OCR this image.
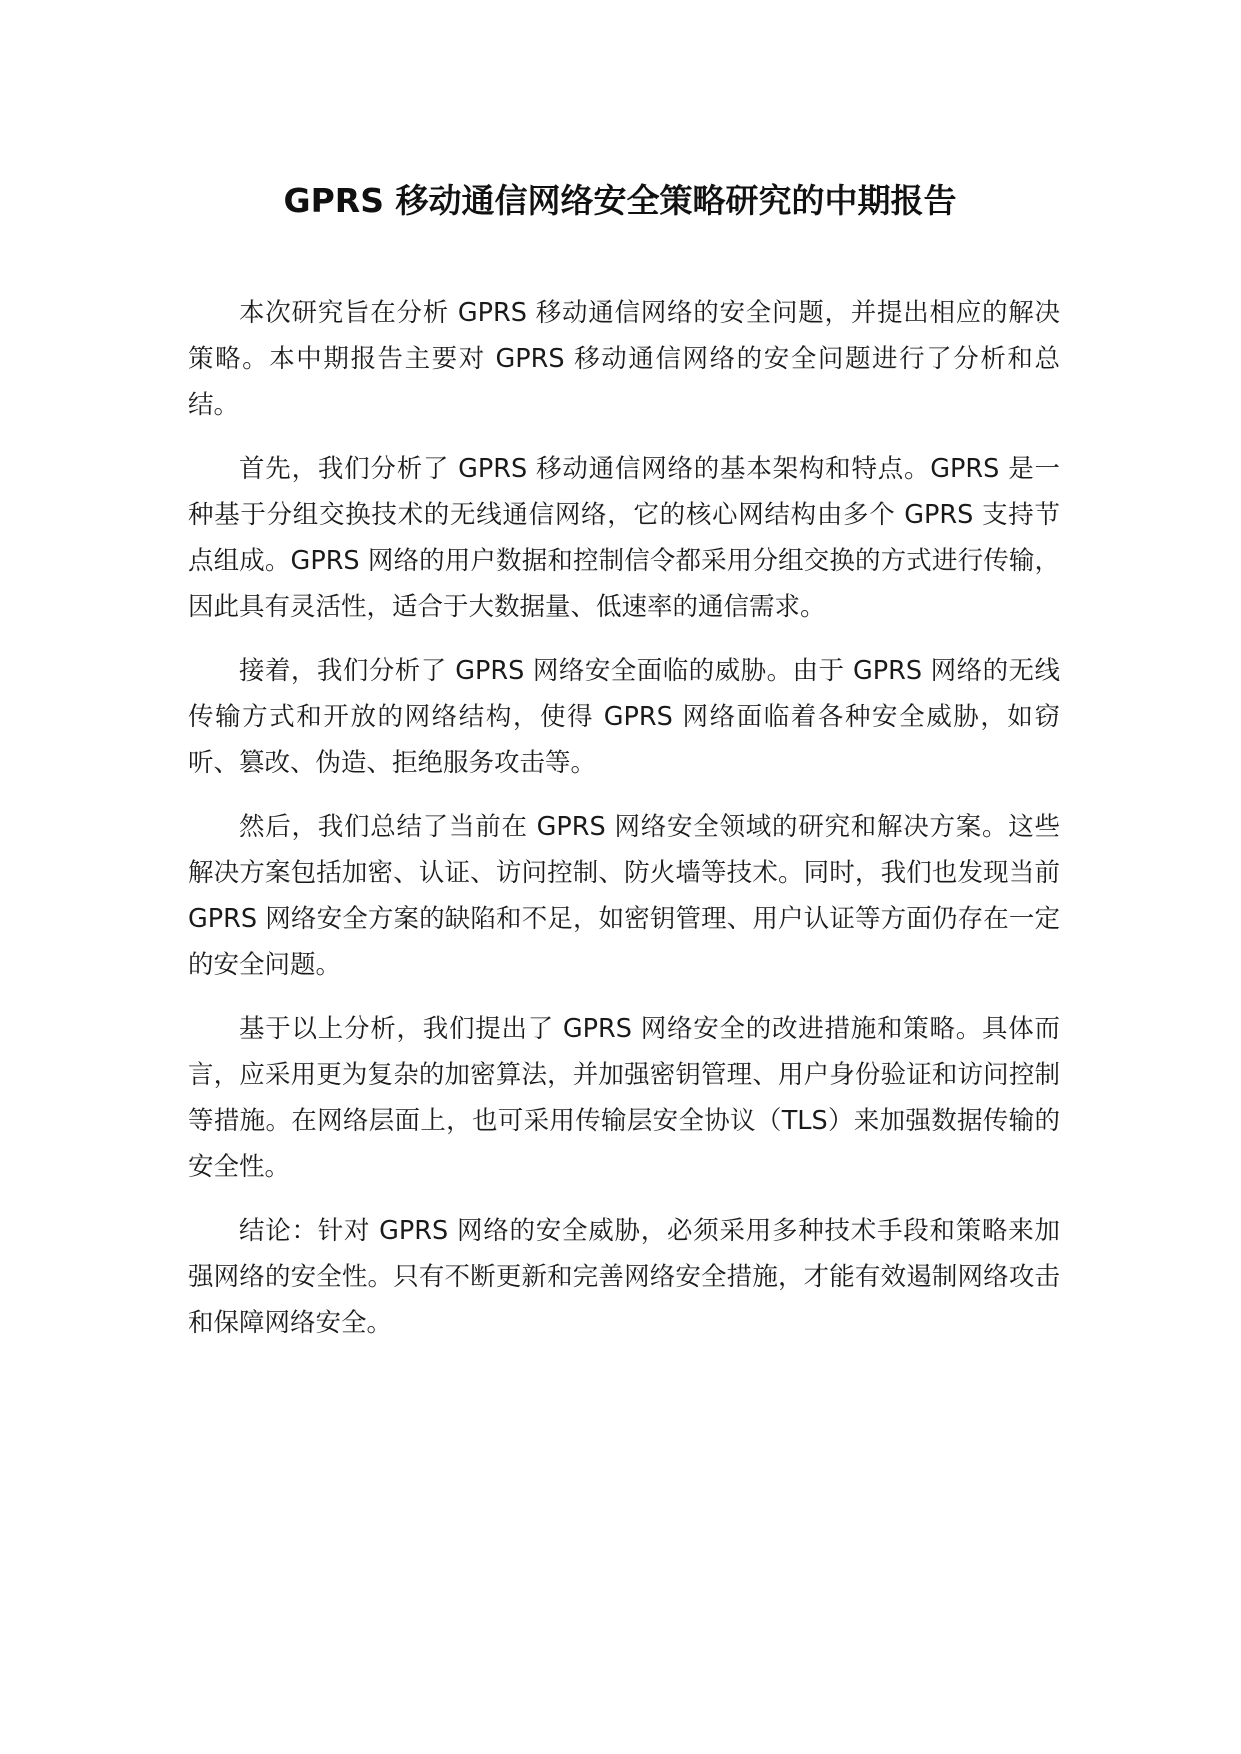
GPRS 移动通信网络安全策略研究的中期报告

本次研究旨在分析 GPRS 移动通信网络的安全问题，并提出相应的解决策略。本中期报告主要对 GPRS 移动通信网络的安全问题进行了分析和总结。

首先，我们分析了 GPRS 移动通信网络的基本架构和特点。GPRS 是一种基于分组交换技术的无线通信网络，它的核心网结构由多个 GPRS 支持节点组成。GPRS 网络的用户数据和控制信令都采用分组交换的方式进行传输，因此具有灵活性，适合于大数据量、低速率的通信需求。

接着，我们分析了 GPRS 网络安全面临的威胁。由于 GPRS 网络的无线传输方式和开放的网络结构，使得 GPRS 网络面临着各种安全威胁，如窃听、篡改、伪造、拒绝服务攻击等。

然后，我们总结了当前在 GPRS 网络安全领域的研究和解决方案。这些解决方案包括加密、认证、访问控制、防火墙等技术。同时，我们也发现当前 GPRS 网络安全方案的缺陷和不足，如密钥管理、用户认证等方面仍存在一定的安全问题。

基于以上分析，我们提出了 GPRS 网络安全的改进措施和策略。具体而言，应采用更为复杂的加密算法，并加强密钥管理、用户身份验证和访问控制等措施。在网络层面上，也可采用传输层安全协议（TLS）来加强数据传输的安全性。

结论：针对 GPRS 网络的安全威胁，必须采用多种技术手段和策略来加强网络的安全性。只有不断更新和完善网络安全措施，才能有效遏制网络攻击和保障网络安全。
